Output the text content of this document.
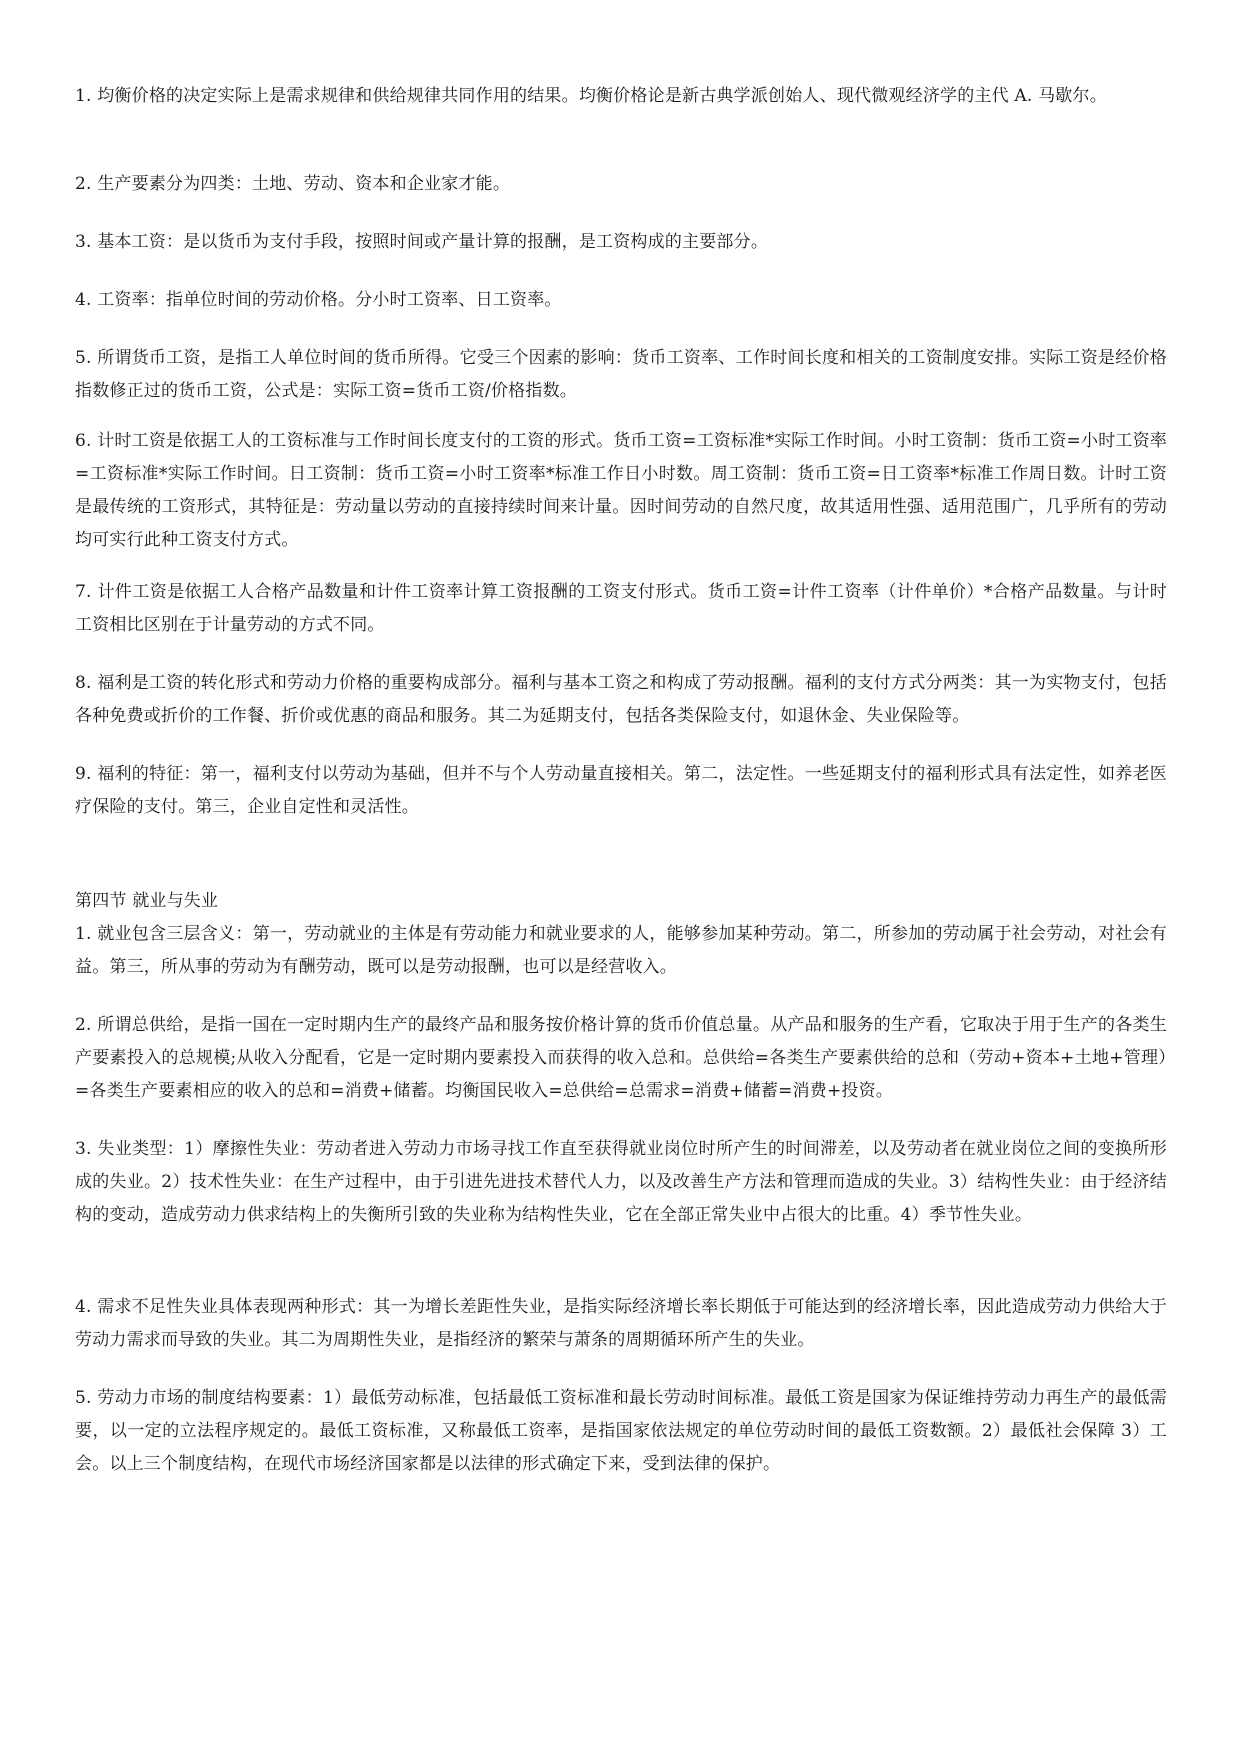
1. 均衡价格的决定实际上是需求规律和供给规律共同作用的结果。均衡价格论是新古典学派创始人、现代微观经济学的主代 A. 马歇尔。

2. 生产要素分为四类：土地、劳动、资本和企业家才能。

3. 基本工资：是以货币为支付手段，按照时间或产量计算的报酬，是工资构成的主要部分。

4. 工资率：指单位时间的劳动价格。分小时工资率、日工资率。

5. 所谓货币工资，是指工人单位时间的货币所得。它受三个因素的影响：货币工资率、工作时间长度和相关的工资制度安排。实际工资是经价格指数修正过的货币工资，公式是：实际工资=货币工资/价格指数。

6. 计时工资是依据工人的工资标准与工作时间长度支付的工资的形式。货币工资=工资标准*实际工作时间。小时工资制：货币工资=小时工资率=工资标准*实际工作时间。日工资制：货币工资=小时工资率*标准工作日小时数。周工资制：货币工资=日工资率*标准工作周日数。计时工资是最传统的工资形式，其特征是：劳动量以劳动的直接持续时间来计量。因时间劳动的自然尺度，故其适用性强、适用范围广，几乎所有的劳动均可实行此种工资支付方式。

7. 计件工资是依据工人合格产品数量和计件工资率计算工资报酬的工资支付形式。货币工资=计件工资率（计件单价）*合格产品数量。与计时工资相比区别在于计量劳动的方式不同。

8. 福利是工资的转化形式和劳动力价格的重要构成部分。福利与基本工资之和构成了劳动报酬。福利的支付方式分两类：其一为实物支付，包括各种免费或折价的工作餐、折价或优惠的商品和服务。其二为延期支付，包括各类保险支付，如退休金、失业保险等。

9. 福利的特征：第一，福利支付以劳动为基础，但并不与个人劳动量直接相关。第二，法定性。一些延期支付的福利形式具有法定性，如养老医疗保险的支付。第三，企业自定性和灵活性。

第四节 就业与失业

1. 就业包含三层含义：第一，劳动就业的主体是有劳动能力和就业要求的人，能够参加某种劳动。第二，所参加的劳动属于社会劳动，对社会有益。第三，所从事的劳动为有酬劳动，既可以是劳动报酬，也可以是经营收入。

2. 所谓总供给，是指一国在一定时期内生产的最终产品和服务按价格计算的货币价值总量。从产品和服务的生产看，它取决于用于生产的各类生产要素投入的总规模;从收入分配看，它是一定时期内要素投入而获得的收入总和。总供给=各类生产要素供给的总和（劳动+资本+土地+管理）=各类生产要素相应的收入的总和=消费+储蓄。均衡国民收入=总供给=总需求=消费+储蓄=消费+投资。

3. 失业类型：1）摩擦性失业：劳动者进入劳动力市场寻找工作直至获得就业岗位时所产生的时间滞差，以及劳动者在就业岗位之间的变换所形成的失业。2）技术性失业：在生产过程中，由于引进先进技术替代人力，以及改善生产方法和管理而造成的失业。3）结构性失业：由于经济结构的变动，造成劳动力供求结构上的失衡所引致的失业称为结构性失业，它在全部正常失业中占很大的比重。4）季节性失业。

4. 需求不足性失业具体表现两种形式：其一为增长差距性失业，是指实际经济增长率长期低于可能达到的经济增长率，因此造成劳动力供给大于劳动力需求而导致的失业。其二为周期性失业，是指经济的繁荣与萧条的周期循环所产生的失业。

5. 劳动力市场的制度结构要素：1）最低劳动标准，包括最低工资标准和最长劳动时间标准。最低工资是国家为保证维持劳动力再生产的最低需要，以一定的立法程序规定的。最低工资标准，又称最低工资率，是指国家依法规定的单位劳动时间的最低工资数额。2）最低社会保障 3）工会。以上三个制度结构，在现代市场经济国家都是以法律的形式确定下来，受到法律的保护。
